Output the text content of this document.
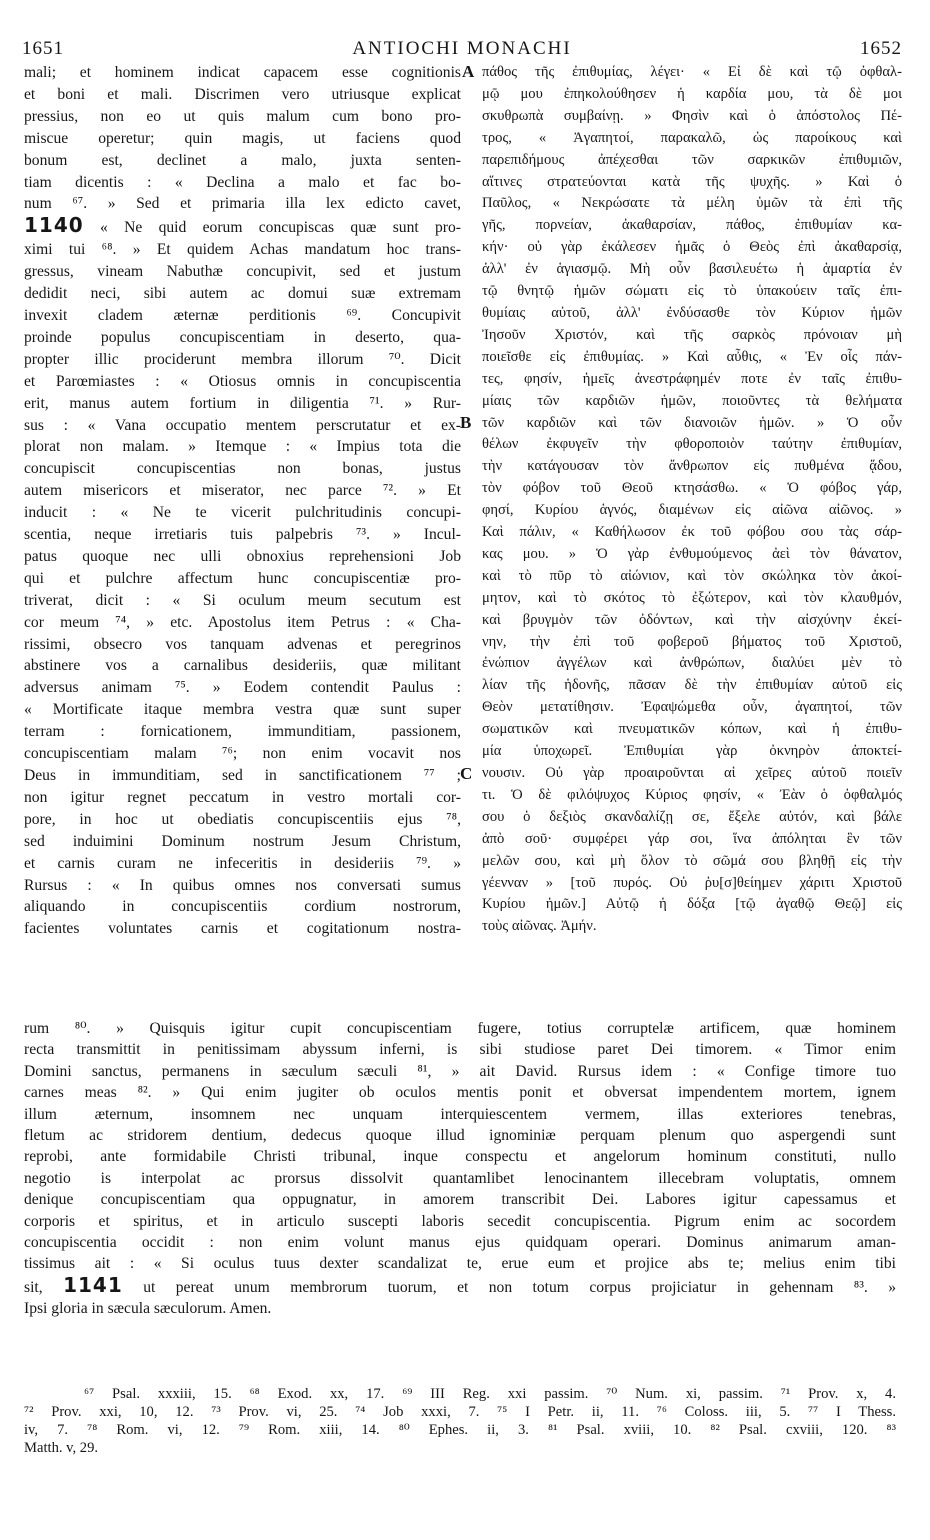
1651	ANTIOCHI MONACHI	1652
A
B
C
mali; et hominem indicat capacem esse cognitionis
et boni et mali. Discrimen vero utriusque explicat
pressius, non eo ut quis malum cum bono pro-
miscue operetur; quin magis, ut faciens quod
bonum est, declinet a malo, juxta senten-
tiam dicentis : « Declina a malo et fac bo-
num ⁶⁷. » Sed et primaria illa lex edicto cavet,
1140 « Ne quid eorum concupiscas quæ sunt pro-
ximi tui ⁶⁸. » Et quidem Achas mandatum hoc trans-
gressus, vineam Nabuthæ concupivit, sed et justum
dedidit neci, sibi autem ac domui suæ extremam
invexit cladem æternæ perditionis ⁶⁹. Concupivit
proinde populus concupiscentiam in deserto, qua-
propter illic prociderunt membra illorum ⁷⁰. Dicit
et Parœmiastes : « Otiosus omnis in concupiscentia
erit, manus autem fortium in diligentia ⁷¹. » Rur-
sus : « Vana occupatio mentem perscrutatur et ex-
plorat non malam. » Itemque : « Impius tota die
concupiscit concupiscentias non bonas, justus
autem misericors et miserator, nec parce ⁷². » Et
inducit : « Ne te vicerit pulchritudinis concupi-
scentia, neque irretiaris tuis palpebris ⁷³. » Incul-
patus quoque nec ulli obnoxius reprehensioni Job
qui et pulchre affectum hunc concupiscentiæ pro-
triverat, dicit : « Si oculum meum secutum est
cor meum ⁷⁴, » etc. Apostolus item Petrus : « Cha-
rissimi, obsecro vos tanquam advenas et peregrinos
abstinere vos a carnalibus desideriis, quæ militant
adversus animam ⁷⁵. » Eodem contendit Paulus :
« Mortificate itaque membra vestra quæ sunt super
terram : fornicationem, immunditiam, passionem,
concupiscentiam malam ⁷⁶; non enim vocavit nos
Deus in immunditiam, sed in sanctificationem ⁷⁷ ;
non igitur regnet peccatum in vestro mortali cor-
pore, in hoc ut obediatis concupiscentiis ejus ⁷⁸,
sed induimini Dominum nostrum Jesum Christum,
et carnis curam ne infeceritis in desideriis ⁷⁹. »
Rursus : « In quibus omnes nos conversati sumus
aliquando in concupiscentiis cordium nostrorum,
facientes voluntates carnis et cogitationum nostra-
πάθος τῆς ἐπιθυμίας, λέγει· « Εἰ δὲ καὶ τῷ ὀφθαλ-
μῷ μου ἐπηκολούθησεν ἡ καρδία μου, τὰ δὲ μοι
σκυθρωπὰ συμβαίνῃ. » Φησὶν καὶ ὁ ἀπόστολος Πέ-
τρος, « Ἀγαπητοί, παρακαλῶ, ὡς παροίκους καὶ
παρεπιδήμους ἀπέχεσθαι τῶν σαρκικῶν ἐπιθυμιῶν,
αἵτινες στρατεύονται κατὰ τῆς ψυχῆς. » Καὶ ὁ
Παῦλος, « Νεκρώσατε τὰ μέλη ὑμῶν τὰ ἐπὶ τῆς
γῆς, πορνείαν, ἀκαθαρσίαν, πάθος, ἐπιθυμίαν κα-
κήν· οὐ γὰρ ἐκάλεσεν ἡμᾶς ὁ Θεὸς ἐπὶ ἀκαθαρσίᾳ,
ἀλλ' ἐν ἁγιασμῷ. Μὴ οὖν βασιλευέτω ἡ ἁμαρτία ἐν
τῷ θνητῷ ἡμῶν σώματι εἰς τὸ ὑπακούειν ταῖς ἐπι-
θυμίαις αὐτοῦ, ἀλλ' ἐνδύσασθε τὸν Κύριον ἡμῶν
Ἰησοῦν Χριστόν, καὶ τῆς σαρκὸς πρόνοιαν μὴ
ποιεῖσθε εἰς ἐπιθυμίας. » Καὶ αὖθις, « Ἐν οἷς πάν-
τες, φησίν, ἡμεῖς ἀνεστράφημέν ποτε ἐν ταῖς ἐπιθυ-
μίαις τῶν καρδιῶν ἡμῶν, ποιοῦντες τὰ θελήματα
τῶν καρδιῶν καὶ τῶν διανοιῶν ἡμῶν. » Ὁ οὖν
θέλων ἐκφυγεῖν τὴν φθοροποιὸν ταύτην ἐπιθυμίαν,
τὴν κατάγουσαν τὸν ἄνθρωπον εἰς πυθμένα ᾅδου,
τὸν φόβον τοῦ Θεοῦ κτησάσθω. « Ὁ φόβος γάρ,
φησί, Κυρίου ἁγνός, διαμένων εἰς αἰῶνα αἰῶνος. »
Καὶ πάλιν, « Καθήλωσον ἐκ τοῦ φόβου σου τὰς σάρ-
κας μου. » Ὁ γὰρ ἐνθυμούμενος ἀεὶ τὸν θάνατον,
καὶ τὸ πῦρ τὸ αἰώνιον, καὶ τὸν σκώληκα τὸν ἀκοί-
μητον, καὶ τὸ σκότος τὸ ἐξώτερον, καὶ τὸν κλαυθμόν,
καὶ βρυγμὸν τῶν ὀδόντων, καὶ τὴν αἰσχύνην ἐκεί-
νην, τὴν ἐπὶ τοῦ φοβεροῦ βήματος τοῦ Χριστοῦ,
ἐνώπιον ἀγγέλων καὶ ἀνθρώπων, διαλύει μὲν τὸ
λίαν τῆς ἡδονῆς, πᾶσαν δὲ τὴν ἐπιθυμίαν αὐτοῦ εἰς
Θεὸν μετατίθησιν. Ἐφαψώμεθα οὖν, ἀγαπητοί, τῶν
σωματικῶν καὶ πνευματικῶν κόπων, καὶ ἡ ἐπιθυ-
μία ὑποχωρεῖ. Ἐπιθυμίαι γὰρ ὀκνηρὸν ἀποκτεί-
νουσιν. Οὐ γὰρ προαιροῦνται αἱ χεῖρες αὐτοῦ ποιεῖν
τι. Ὁ δὲ φιλόψυχος Κύριος φησίν, « Ἐὰν ὁ ὀφθαλμός
σου ὁ δεξιὸς σκανδαλίζῃ σε, ἔξελε αὐτόν, καὶ βάλε
ἀπὸ σοῦ· συμφέρει γάρ σοι, ἵνα ἀπόληται ἓν τῶν
μελῶν σου, καὶ μὴ ὅλον τὸ σῶμά σου βληθῇ εἰς τὴν
γέενναν » [τοῦ πυρός. Οὐ ῥυ[σ]θείημεν χάριτι Χριστοῦ
Κυρίου ἡμῶν.] Αὐτῷ ἡ δόξα [τῷ ἀγαθῷ Θεῷ] εἰς
τοὺς αἰῶνας. Ἀμήν.
rum ⁸⁰. » Quisquis igitur cupit concupiscentiam fugere, totius corruptelæ artificem, quæ hominem
recta transmittit in penitissimam abyssum inferni, is sibi studiose paret Dei timorem. « Timor enim
Domini sanctus, permanens in sæculum sæculi ⁸¹, » ait David. Rursus idem : « Confige timore tuo
carnes meas ⁸². » Qui enim jugiter ob oculos mentis ponit et obversat impendentem mortem, ignem
illum æternum, insomnem nec unquam interquiescentem vermem, illas exteriores tenebras,
fletum ac stridorem dentium, dedecus quoque illud ignominiæ perquam plenum quo aspergendi sunt
reprobi, ante formidabile Christi tribunal, inque conspectu et angelorum hominum constituti, nullo
negotio is interpolat ac prorsus dissolvit quantamlibet lenocinantem illecebram voluptatis, omnem
denique concupiscentiam qua oppugnatur, in amorem transcribit Dei. Labores igitur capessamus et
corporis et spiritus, et in articulo suscepti laboris secedit concupiscentia. Pigrum enim ac socordem
concupiscentia occidit : non enim volunt manus ejus quidquam operari. Dominus animarum aman-
tissimus ait : « Si oculus tuus dexter scandalizat te, erue eum et projice abs te; melius enim tibi
sit, 1141 ut pereat unum membrorum tuorum, et non totum corpus projiciatur in gehennam ⁸³. »
Ipsi gloria in sæcula sæculorum. Amen.
⁶⁷ Psal. xxxiii, 15. ⁶⁸ Exod. xx, 17. ⁶⁹ III Reg. xxi passim. ⁷⁰ Num. xi, passim. ⁷¹ Prov. x, 4.
⁷² Prov. xxi, 10, 12. ⁷³ Prov. vi, 25. ⁷⁴ Job xxxi, 7. ⁷⁵ I Petr. ii, 11. ⁷⁶ Coloss. iii, 5. ⁷⁷ I Thess.
iv, 7. ⁷⁸ Rom. vi, 12. ⁷⁹ Rom. xiii, 14. ⁸⁰ Ephes. ii, 3. ⁸¹ Psal. xviii, 10. ⁸² Psal. cxviii, 120. ⁸³
Matth. v, 29.
